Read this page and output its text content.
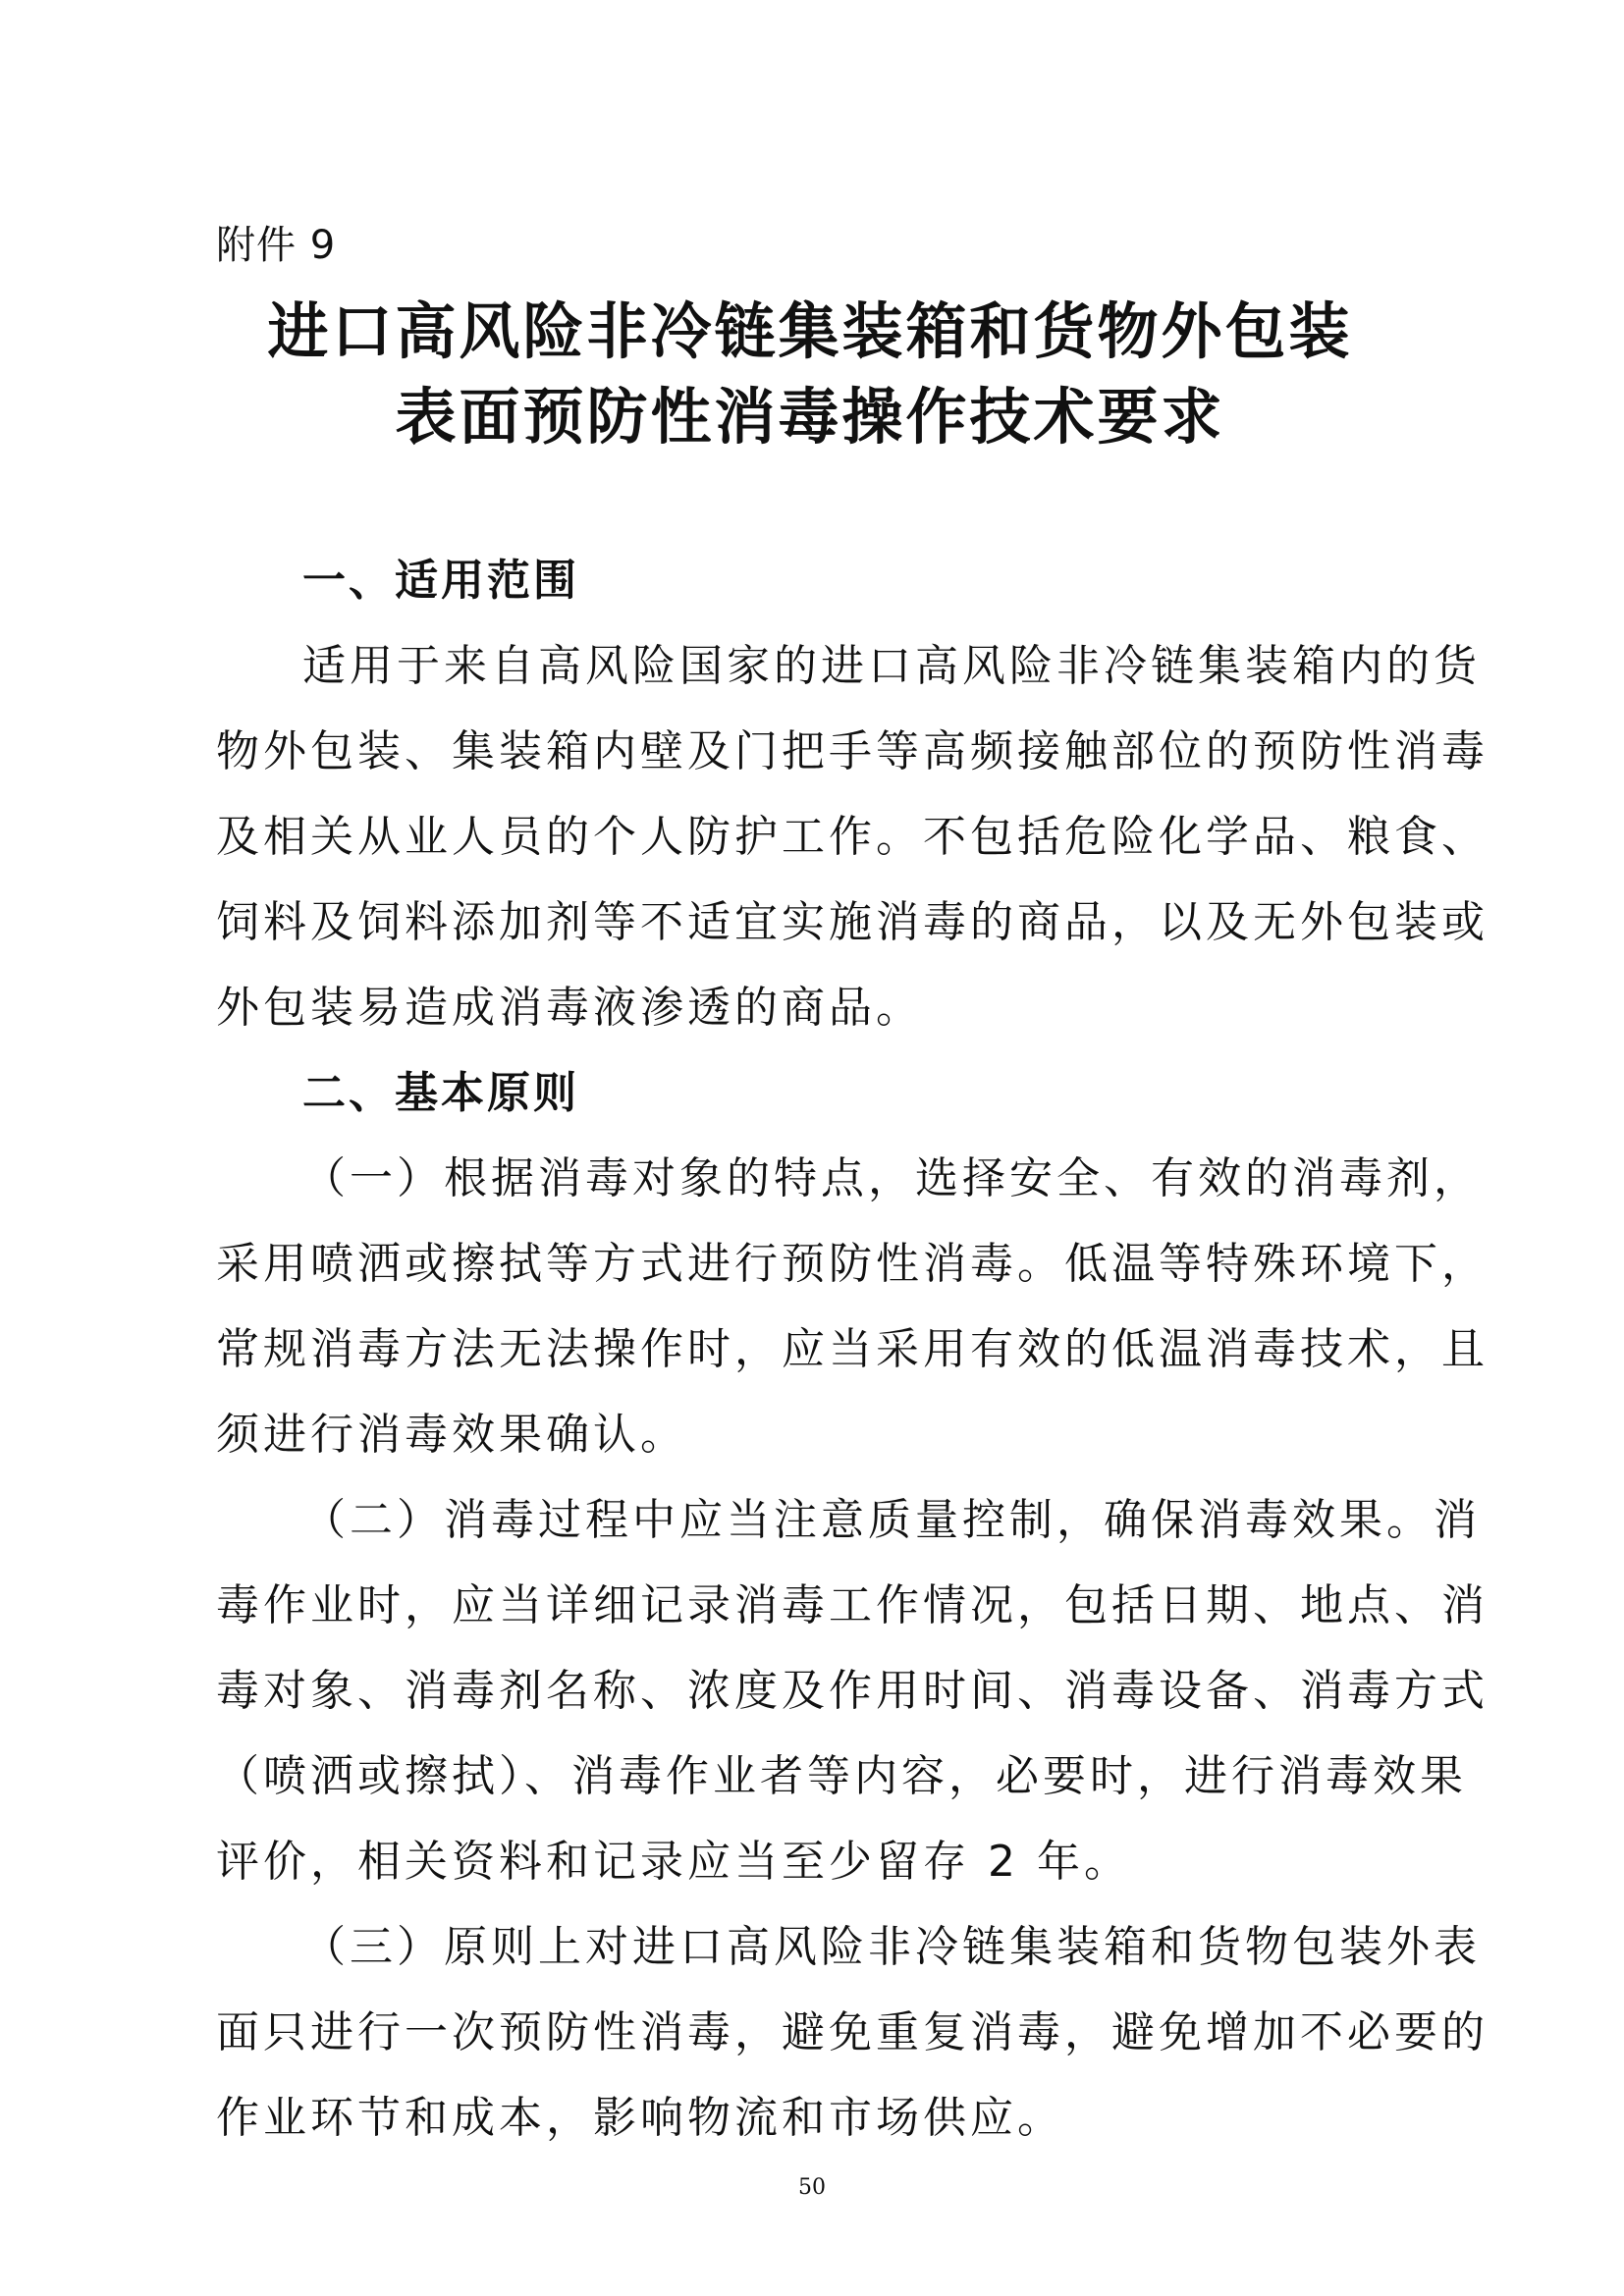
附件 9
进口高风险非冷链集装箱和货物外包装
表面预防性消毒操作技术要求
一、适用范围

适用于来自高风险国家的进口高风险非冷链集装箱内的货
物外包装、集装箱内壁及门把手等高频接触部位的预防性消毒
及相关从业人员的个人防护工作。不包括危险化学品、粮食、
饲料及饲料添加剂等不适宜实施消毒的商品，以及无外包装或
外包装易造成消毒液渗透的商品。

二、基本原则

（一）根据消毒对象的特点，选择安全、有效的消毒剂，
采用喷洒或擦拭等方式进行预防性消毒。低温等特殊环境下，
常规消毒方法无法操作时，应当采用有效的低温消毒技术，且
须进行消毒效果确认。

（二）消毒过程中应当注意质量控制，确保消毒效果。消
毒作业时，应当详细记录消毒工作情况，包括日期、地点、消
毒对象、消毒剂名称、浓度及作用时间、消毒设备、消毒方式
（喷洒或擦拭）、消毒作业者等内容，必要时，进行消毒效果
评价，相关资料和记录应当至少留存 2 年。

（三）原则上对进口高风险非冷链集装箱和货物包装外表
面只进行一次预防性消毒，避免重复消毒，避免增加不必要的
作业环节和成本，影响物流和市场供应。

50
